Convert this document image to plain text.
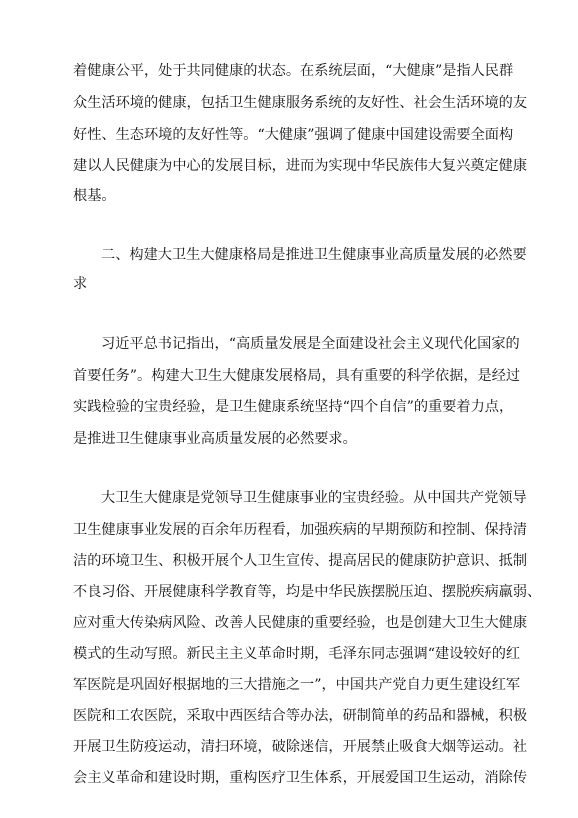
着健康公平，处于共同健康的状态。在系统层面，“大健康”是指人民群
众生活环境的健康，包括卫生健康服务系统的友好性、社会生活环境的友
好性、生态环境的友好性等。“大健康”强调了健康中国建设需要全面构
建以人民健康为中心的发展目标，进而为实现中华民族伟大复兴奠定健康
根基。
二、构建大卫生大健康格局是推进卫生健康事业高质量发展的必然要
求
习近平总书记指出，“高质量发展是全面建设社会主义现代化国家的
首要任务”。构建大卫生大健康发展格局，具有重要的科学依据，是经过
实践检验的宝贵经验，是卫生健康系统坚持“四个自信”的重要着力点，
是推进卫生健康事业高质量发展的必然要求。
大卫生大健康是党领导卫生健康事业的宝贵经验。从中国共产党领导
卫生健康事业发展的百余年历程看，加强疾病的早期预防和控制、保持清
洁的环境卫生、积极开展个人卫生宣传、提高居民的健康防护意识、抵制
不良习俗、开展健康科学教育等，均是中华民族摆脱压迫、摆脱疾病羸弱、
应对重大传染病风险、改善人民健康的重要经验，也是创建大卫生大健康
模式的生动写照。新民主主义革命时期，毛泽东同志强调“建设较好的红
军医院是巩固好根据地的三大措施之一”，中国共产党自力更生建设红军
医院和工农医院，采取中西医结合等办法，研制简单的药品和器械，积极
开展卫生防疫运动，清扫环境，破除迷信，开展禁止吸食大烟等运动。社
会主义革命和建设时期，重构医疗卫生体系，开展爱国卫生运动，消除传
